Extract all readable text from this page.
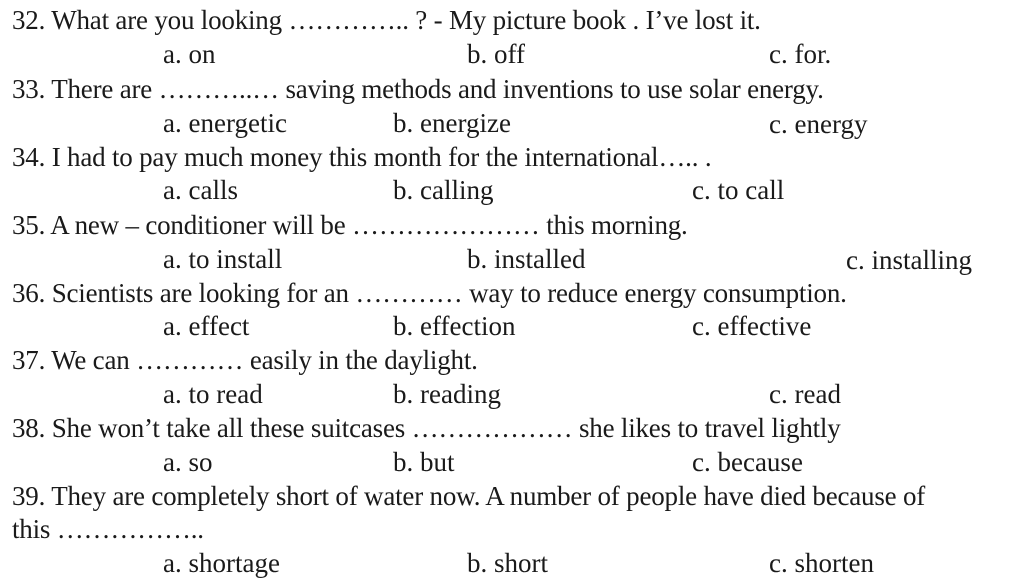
32. What are you looking ………….. ? - My picture book . I’ve lost it.
a. on	b. off	c. for.
33. There are ………..… saving methods and inventions to use solar energy.
a. energetic	b. energize	c. energy
34. I had to pay much money this month for the international….. .
a. calls	b. calling	c. to call
35. A new – conditioner will be ………………… this morning.
a. to install	b. installed	c. installing
36. Scientists are looking for an ………… way to reduce energy consumption.
a. effect	b. effection	c. effective
37. We can ………… easily in the daylight.
a. to read	b. reading	c. read
38. She won’t take all these suitcases ……………… she likes to travel lightly
a. so	b. but	c. because
39. They are completely short of water now. A number of people have died because of
this ……………..
a. shortage	b. short	c. shorten
